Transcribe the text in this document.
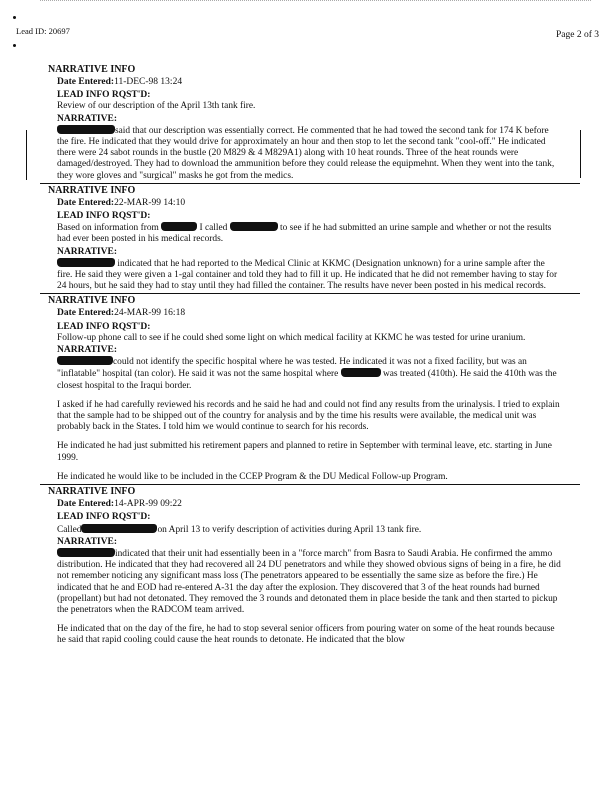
Lead ID: 20697	Page 2 of 3
NARRATIVE INFO
Date Entered:11-DEC-98 13:24
LEAD INFO RQST'D:
Review of our description of the April 13th tank fire.
NARRATIVE:
said that our description was essentially correct. He commented that he had towed the second tank for 174 K before the fire. He indicated that they would drive for approximately an hour and then stop to let the second tank "cool-off." He indicated there were 24 sabot rounds in the bustle (20 M829 & 4 M829A1) along with 10 heat rounds. Three of the heat rounds were damaged/destroyed. They had to download the ammunition before they could release the equipmehnt. When they went into the tank, they wore gloves and "surgical" masks he got from the medics.
NARRATIVE INFO
Date Entered:22-MAR-99 14:10
LEAD INFO RQST'D:
Based on information from	I called	to see if he had submitted an urine sample and whether or not the results had ever been posted in his medical records.
NARRATIVE:
indicated that he had reported to the Medical Clinic at KKMC (Designation unknown) for a urine sample after the fire. He said they were given a 1-gal container and told they had to fill it up. He indicated that he did not remember having to stay for 24 hours, but he said they had to stay until they had filled the container. The results have never been posted in his medical records.
NARRATIVE INFO
Date Entered:24-MAR-99 16:18
LEAD INFO RQST'D:
Follow-up phone call to see if he could shed some light on which medical facility at KKMC he was tested for urine uranium.
NARRATIVE:
could not identify the specific hospital where he was tested. He indicated it was not a fixed facility, but was an "inflatable" hospital (tan color). He said it was not the same hospital where	was treated (410th). He said the 410th was the closest hospital to the Iraqui border.
I asked if he had carefully reviewed his records and he said he had and could not find any results from the urinalysis. I tried to explain that the sample had to be shipped out of the country for analysis and by the time his results were available, the medical unit was probably back in the States. I told him we would continue to search for his records.
He indicated he had just submitted his retirement papers and planned to retire in September with terminal leave, etc. starting in June 1999.
He indicated he would like to be included in the CCEP Program & the DU Medical Follow-up Program.
NARRATIVE INFO
Date Entered:14-APR-99 09:22
LEAD INFO RQST'D:
Called	on April 13 to verify description of activities during April 13 tank fire.
NARRATIVE:
indicated that their unit had essentially been in a "force march" from Basra to Saudi Arabia. He confirmed the ammo distribution. He indicated that they had recovered all 24 DU penetrators and while they showed obvious signs of being in a fire, he did not remember noticing any significant mass loss (The penetrators appeared to be essentially the same size as before the fire.) He indicated that he and EOD had re-entered A-31 the day after the explosion. They discovered that 3 of the heat rounds had burned (propellant) but had not detonated. They removed the 3 rounds and detonated them in place beside the tank and then started to pickup the penetrators when the RADCOM team arrived.
He indicated that on the day of the fire, he had to stop several senior officers from pouring water on some of the heat rounds because he said that rapid cooling could cause the heat rounds to detonate. He indicated that the blow
